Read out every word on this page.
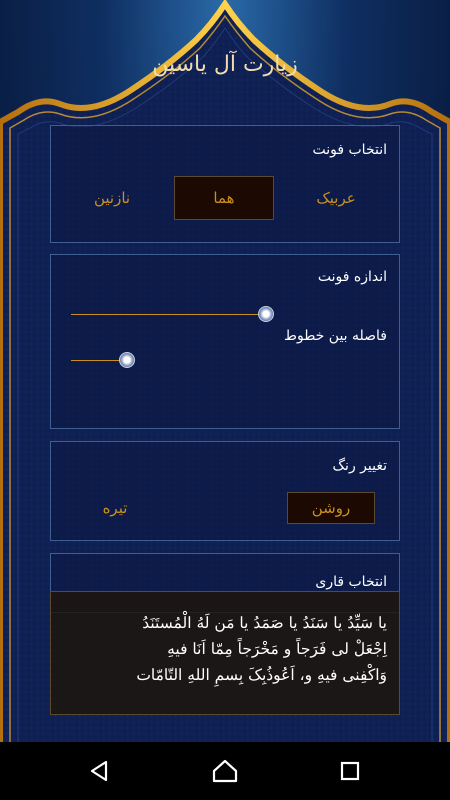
زیارت آل یاسین
انتخاب فونت
عربیک
هما
نازنین
اندازه فونت
فاصله بین خطوط
تغییر رنگ
روشن
تیره
انتخاب قاری
یا سَیِّدُ یا سَنَدُ یا صَمَدُ یا مَن لَهُ الْمُستَنَدُ
اِجْعَلْ لی فَرَجاً و مَخْرَجاً مِمّا اَنَا فیهِ
وَاکْفِنی فیهِ و، اَعُوذُبِکَ بِسمِ اللهِ التّامّات
